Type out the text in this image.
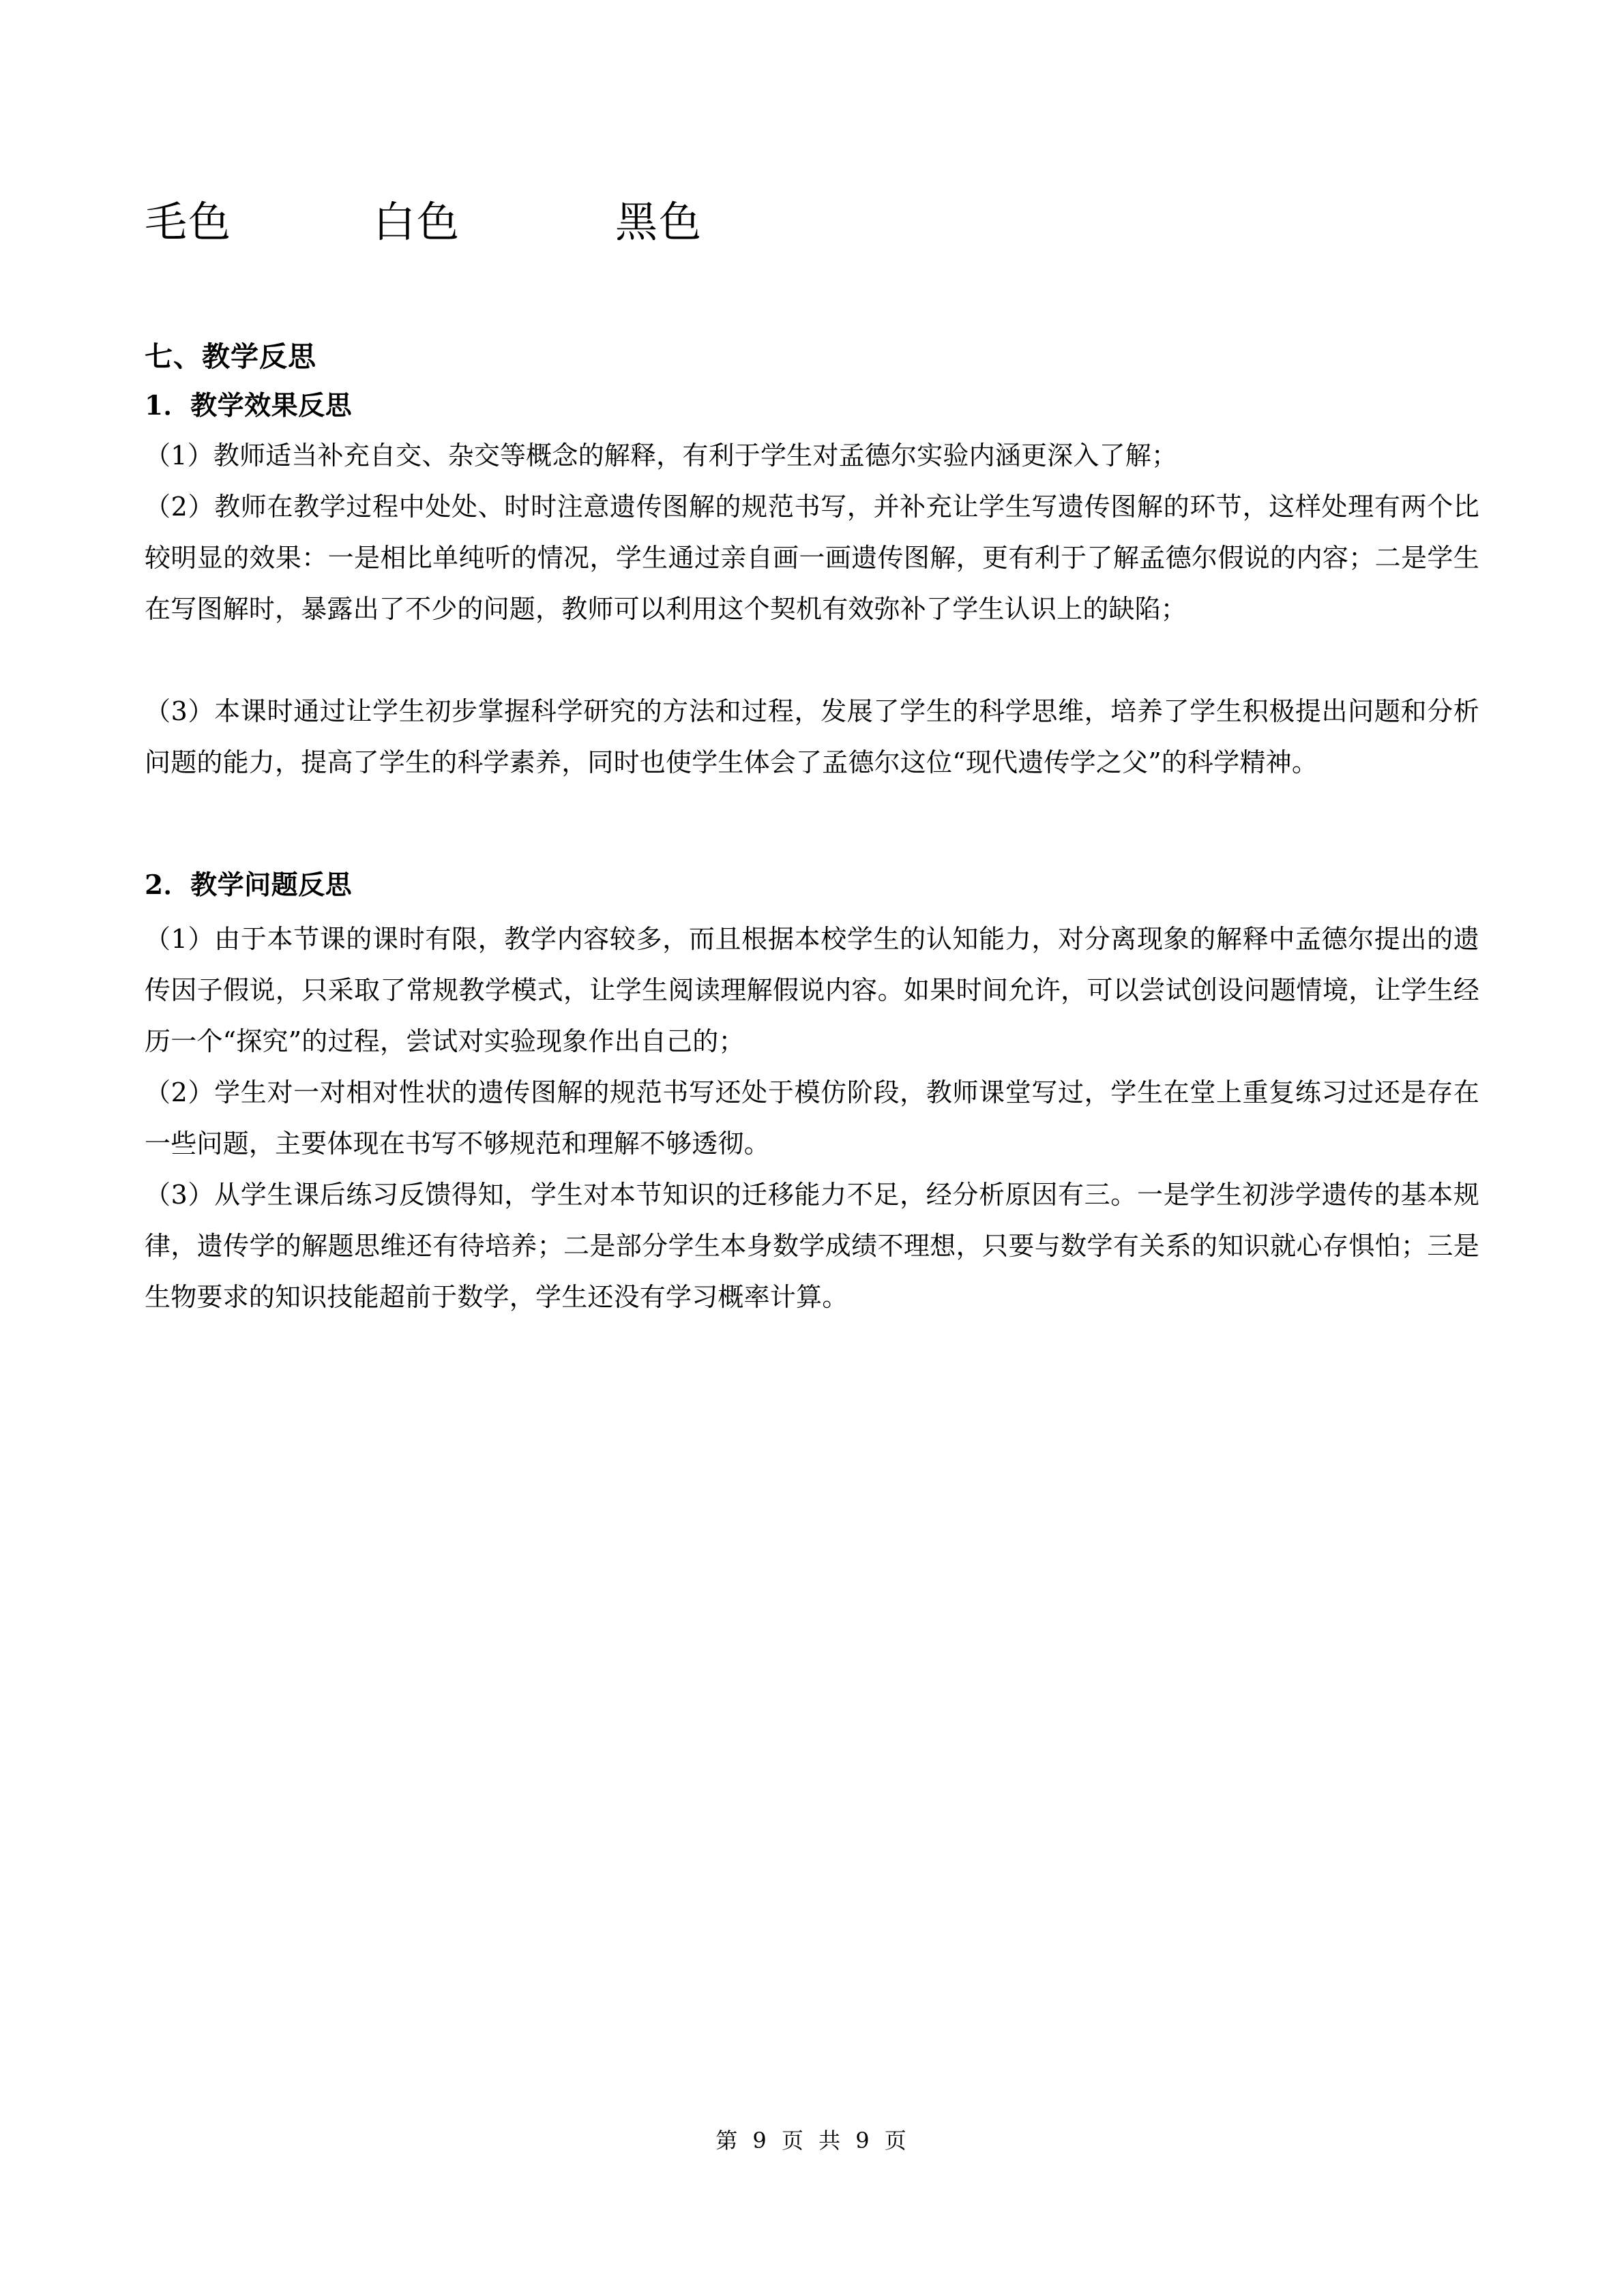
毛色	白色	黑色
七、教学反思
1．教学效果反思
（1）教师适当补充自交、杂交等概念的解释，有利于学生对孟德尔实验内涵更深入了解；
（2）教师在教学过程中处处、时时注意遗传图解的规范书写，并补充让学生写遗传图解的环节，这样处理有两个比较明显的效果：一是相比单纯听的情况，学生通过亲自画一画遗传图解，更有利于了解孟德尔假说的内容；二是学生在写图解时，暴露出了不少的问题，教师可以利用这个契机有效弥补了学生认识上的缺陷；
（3）本课时通过让学生初步掌握科学研究的方法和过程，发展了学生的科学思维，培养了学生积极提出问题和分析问题的能力，提高了学生的科学素养，同时也使学生体会了孟德尔这位“现代遗传学之父”的科学精神。
2．教学问题反思
（1）由于本节课的课时有限，教学内容较多，而且根据本校学生的认知能力，对分离现象的解释中孟德尔提出的遗传因子假说，只采取了常规教学模式，让学生阅读理解假说内容。如果时间允许，可以尝试创设问题情境，让学生经历一个“探究”的过程，尝试对实验现象作出自己的；
（2）学生对一对相对性状的遗传图解的规范书写还处于模仿阶段，教师课堂写过，学生在堂上重复练习过还是存在一些问题，主要体现在书写不够规范和理解不够透彻。
（3）从学生课后练习反馈得知，学生对本节知识的迁移能力不足，经分析原因有三。一是学生初涉学遗传的基本规律，遗传学的解题思维还有待培养；二是部分学生本身数学成绩不理想，只要与数学有关系的知识就心存惧怕；三是生物要求的知识技能超前于数学，学生还没有学习概率计算。
第 9 页 共 9 页
